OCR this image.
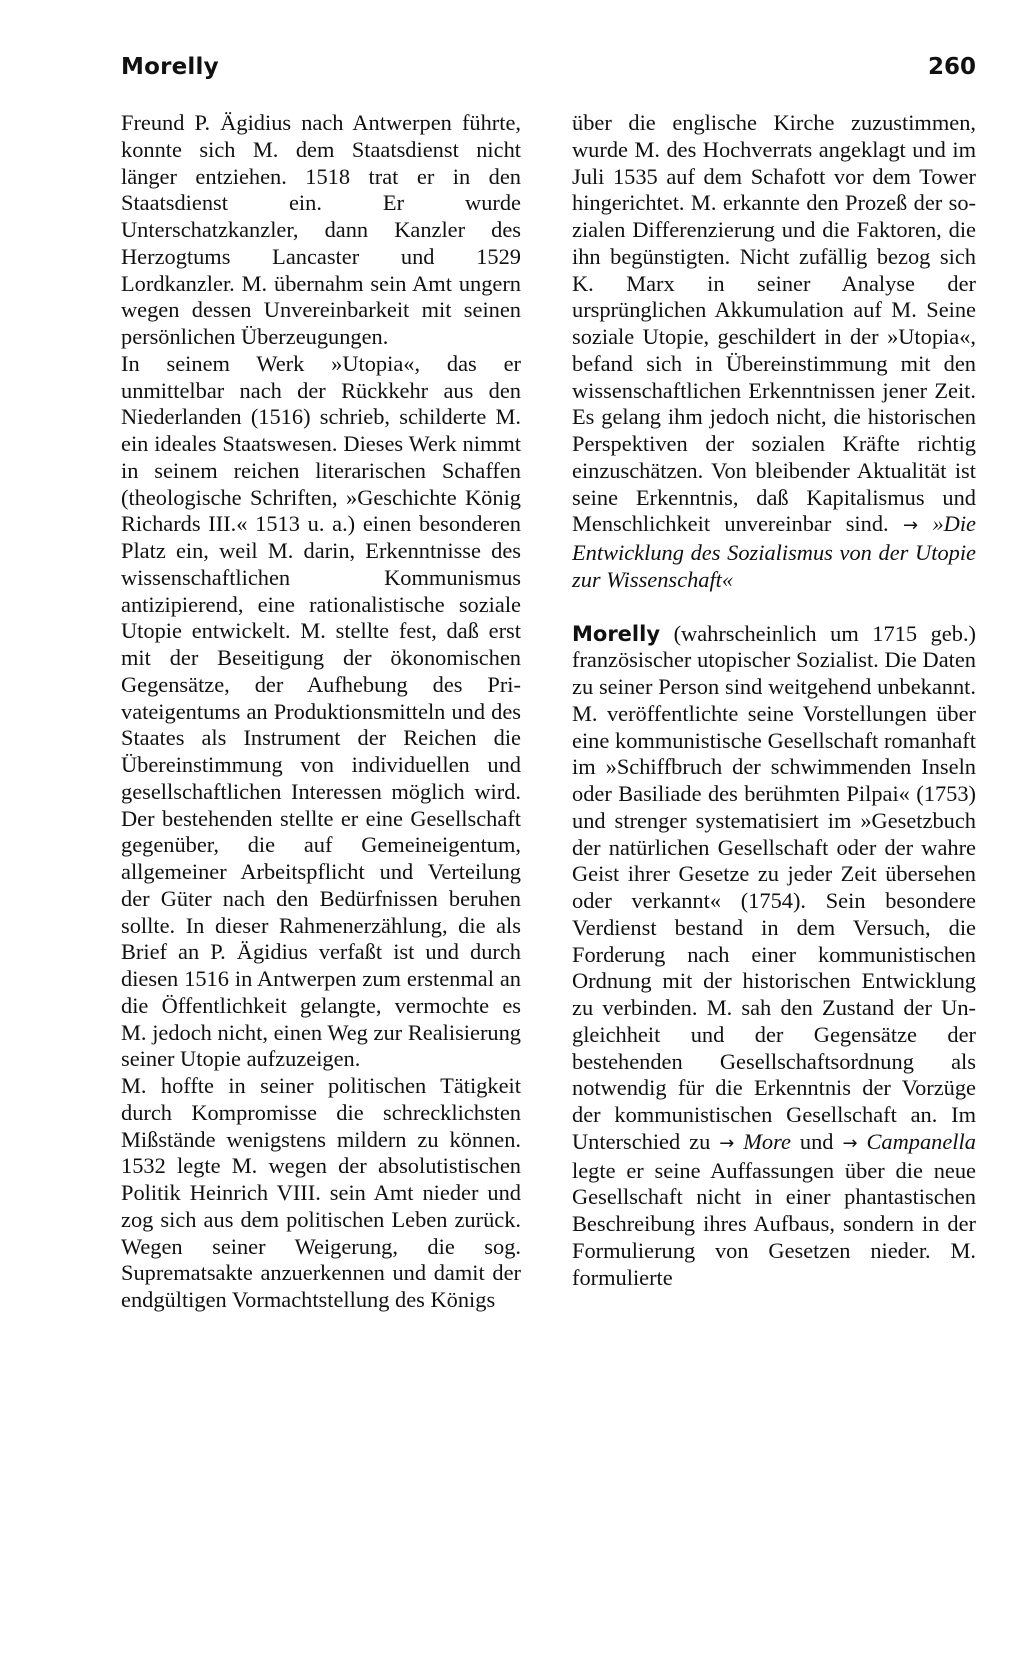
Morelly	260

Freund P. Ägidius nach Antwerpen führte, konnte sich M. dem Staatsdienst nicht länger entziehen. 1518 trat er in den Staatsdienst ein. Er wurde Unterschatzkanzler, dann Kanzler des Herzogtums Lancaster und 1529 Lordkanzler. M. übernahm sein Amt ungern wegen dessen Unvereinbarkeit mit seinen persönlichen Überzeugungen.

In seinem Werk »Utopia«, das er unmittelbar nach der Rückkehr aus den Niederlanden (1516) schrieb, schilderte M. ein ideales Staatswesen. Dieses Werk nimmt in seinem reichen literarischen Schaffen (theologische Schriften, »Geschichte König Richards III.« 1513 u. a.) einen besonderen Platz ein, weil M. darin, Erkenntnisse des wissenschaftlichen Kommunismus antizipierend, eine rationalistische soziale Utopie entwickelt. M. stellte fest, daß erst mit der Beseitigung der ökonomischen Gegensätze, der Aufhebung des Privateigentums an Produktionsmitteln und des Staates als Instrument der Reichen die Übereinstimmung von individuellen und gesellschaftlichen Interessen möglich wird. Der bestehenden stellte er eine Gesellschaft gegenüber, die auf Gemeineigentum, allgemeiner Arbeitspflicht und Verteilung der Güter nach den Bedürfnissen beruhen sollte. In dieser Rahmenerzählung, die als Brief an P. Ägidius verfaßt ist und durch diesen 1516 in Antwerpen zum erstenmal an die Öffentlichkeit gelangte, vermochte es M. jedoch nicht, einen Weg zur Realisierung seiner Utopie aufzuzeigen.

M. hoffte in seiner politischen Tätigkeit durch Kompromisse die schrecklichsten Mißstände wenigstens mildern zu können. 1532 legte M. wegen der absolutistischen Politik Heinrich VIII. sein Amt nieder und zog sich aus dem politischen Leben zurück. Wegen seiner Weigerung, die sog. Suprematsakte anzuerkennen und damit der endgültigen Vormachtstellung des Königs

über die englische Kirche zuzustimmen, wurde M. des Hochverrats angeklagt und im Juli 1535 auf dem Schafott vor dem Tower hingerichtet. M. erkannte den Prozeß der sozialen Differenzierung und die Faktoren, die ihn begünstigten. Nicht zufällig bezog sich K. Marx in seiner Analyse der ursprünglichen Akkumulation auf M. Seine soziale Utopie, geschildert in der »Utopia«, befand sich in Übereinstimmung mit den wissenschaftlichen Erkenntnissen jener Zeit. Es gelang ihm jedoch nicht, die historischen Perspektiven der sozialen Kräfte richtig einzuschätzen. Von bleibender Aktualität ist seine Erkenntnis, daß Kapitalismus und Menschlichkeit unvereinbar sind. → »Die Entwicklung des Sozialismus von der Utopie zur Wissenschaft«

Morelly (wahrscheinlich um 1715 geb.) französischer utopischer Sozialist. Die Daten zu seiner Person sind weitgehend unbekannt. M. veröffentlichte seine Vorstellungen über eine kommunistische Gesellschaft romanhaft im »Schiffbruch der schwimmenden Inseln oder Basiliade des berühmten Pilpai« (1753) und strenger systematisiert im »Gesetzbuch der natürlichen Gesellschaft oder der wahre Geist ihrer Gesetze zu jeder Zeit übersehen oder verkannt« (1754). Sein besondere Verdienst bestand in dem Versuch, die Forderung nach einer kommunistischen Ordnung mit der historischen Entwicklung zu verbinden. M. sah den Zustand der Ungleichheit und der Gegensätze der bestehenden Gesellschaftsordnung als notwendig für die Erkenntnis der Vorzüge der kommunistischen Gesellschaft an. Im Unterschied zu → More und → Campanella legte er seine Auffassungen über die neue Gesellschaft nicht in einer phantastischen Beschreibung ihres Aufbaus, sondern in der Formulierung von Gesetzen nieder. M. formulierte
